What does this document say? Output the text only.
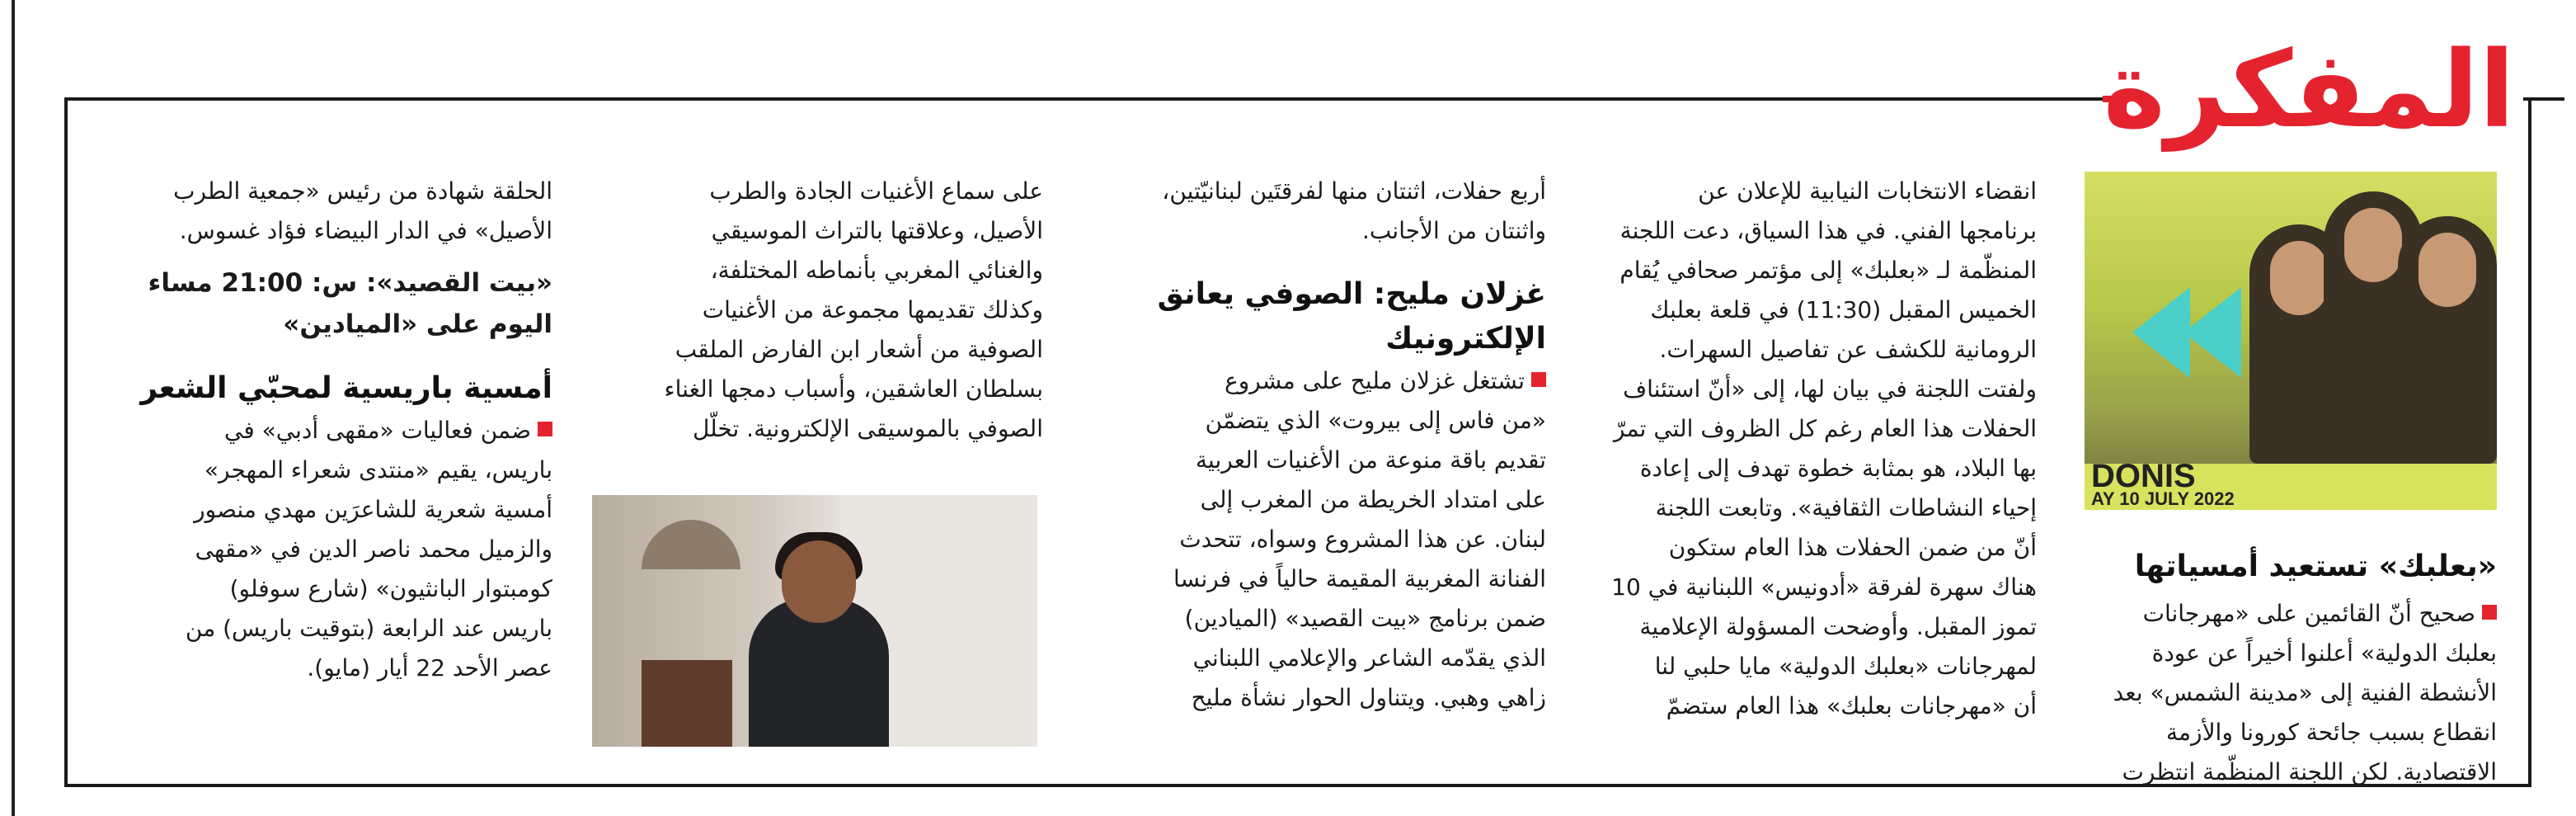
المفكرة
DONIS
AY 10 JULY 2022

«بعلبك» تستعيد أمسياتها

صحيح أنّ القائمين على «مهرجانات

بعلبك الدولية» أعلنوا أخيراً عن عودة

الأنشطة الفنية إلى «مدينة الشمس» بعد

انقطاع بسبب جائحة كورونا والأزمة

الاقتصادية. لكن اللجنة المنظّمة انتظرت

انقضاء الانتخابات النيابية للإعلان عن

برنامجها الفني. في هذا السياق، دعت اللجنة

المنظّمة لـ «بعلبك» إلى مؤتمر صحافي يُقام

الخميس المقبل (11:30) في قلعة بعلبك

الرومانية للكشف عن تفاصيل السهرات.

ولفتت اللجنة في بيان لها، إلى «أنّ استئناف

الحفلات هذا العام رغم كل الظروف التي تمرّ

بها البلاد، هو بمثابة خطوة تهدف إلى إعادة

إحياء النشاطات الثقافية». وتابعت اللجنة

أنّ من ضمن الحفلات هذا العام ستكون

هناك سهرة لفرقة «أدونيس» اللبنانية في 10

تموز المقبل. وأوضحت المسؤولة الإعلامية

لمهرجانات «بعلبك الدولية» مايا حلبي لنا

أن «مهرجانات بعلبك» هذا العام ستضمّ

أربع حفلات، اثنتان منها لفرقتَين لبنانيّتين،

واثنتان من الأجانب.

غزلان مليح: الصوفي يعانق

الإلكترونيك

تشتغل غزلان مليح على مشروع

«من فاس إلى بيروت» الذي يتضمّن

تقديم باقة منوعة من الأغنيات العربية

على امتداد الخريطة من المغرب إلى

لبنان. عن هذا المشروع وسواه، تتحدث

الفنانة المغربية المقيمة حالياً في فرنسا

ضمن برنامج «بيت القصيد» (الميادين)

الذي يقدّمه الشاعر والإعلامي اللبناني

زاهي وهبي. ويتناول الحوار نشأة مليح

على سماع الأغنيات الجادة والطرب

الأصيل، وعلاقتها بالتراث الموسيقي

والغنائي المغربي بأنماطه المختلفة،

وكذلك تقديمها مجموعة من الأغنيات

الصوفية من أشعار ابن الفارض الملقب

بسلطان العاشقين، وأسباب دمجها الغناء

الصوفي بالموسيقى الإلكترونية. تخلّل

الحلقة شهادة من رئيس «جمعية الطرب

الأصيل» في الدار البيضاء فؤاد غسوس.

«بيت القصيد»: س: 21:00 مساء

اليوم على «الميادين»

أمسية باريسية لمحبّي الشعر

ضمن فعاليات «مقهى أدبي» في

باريس، يقيم «منتدى شعراء المهجر»

أمسية شعرية للشاعرَين مهدي منصور

والزميل محمد ناصر الدين في «مقهى

كومبتوار البانثيون» (شارع سوفلو)

باريس عند الرابعة (بتوقيت باريس) من

عصر الأحد 22 أيار (مايو).
